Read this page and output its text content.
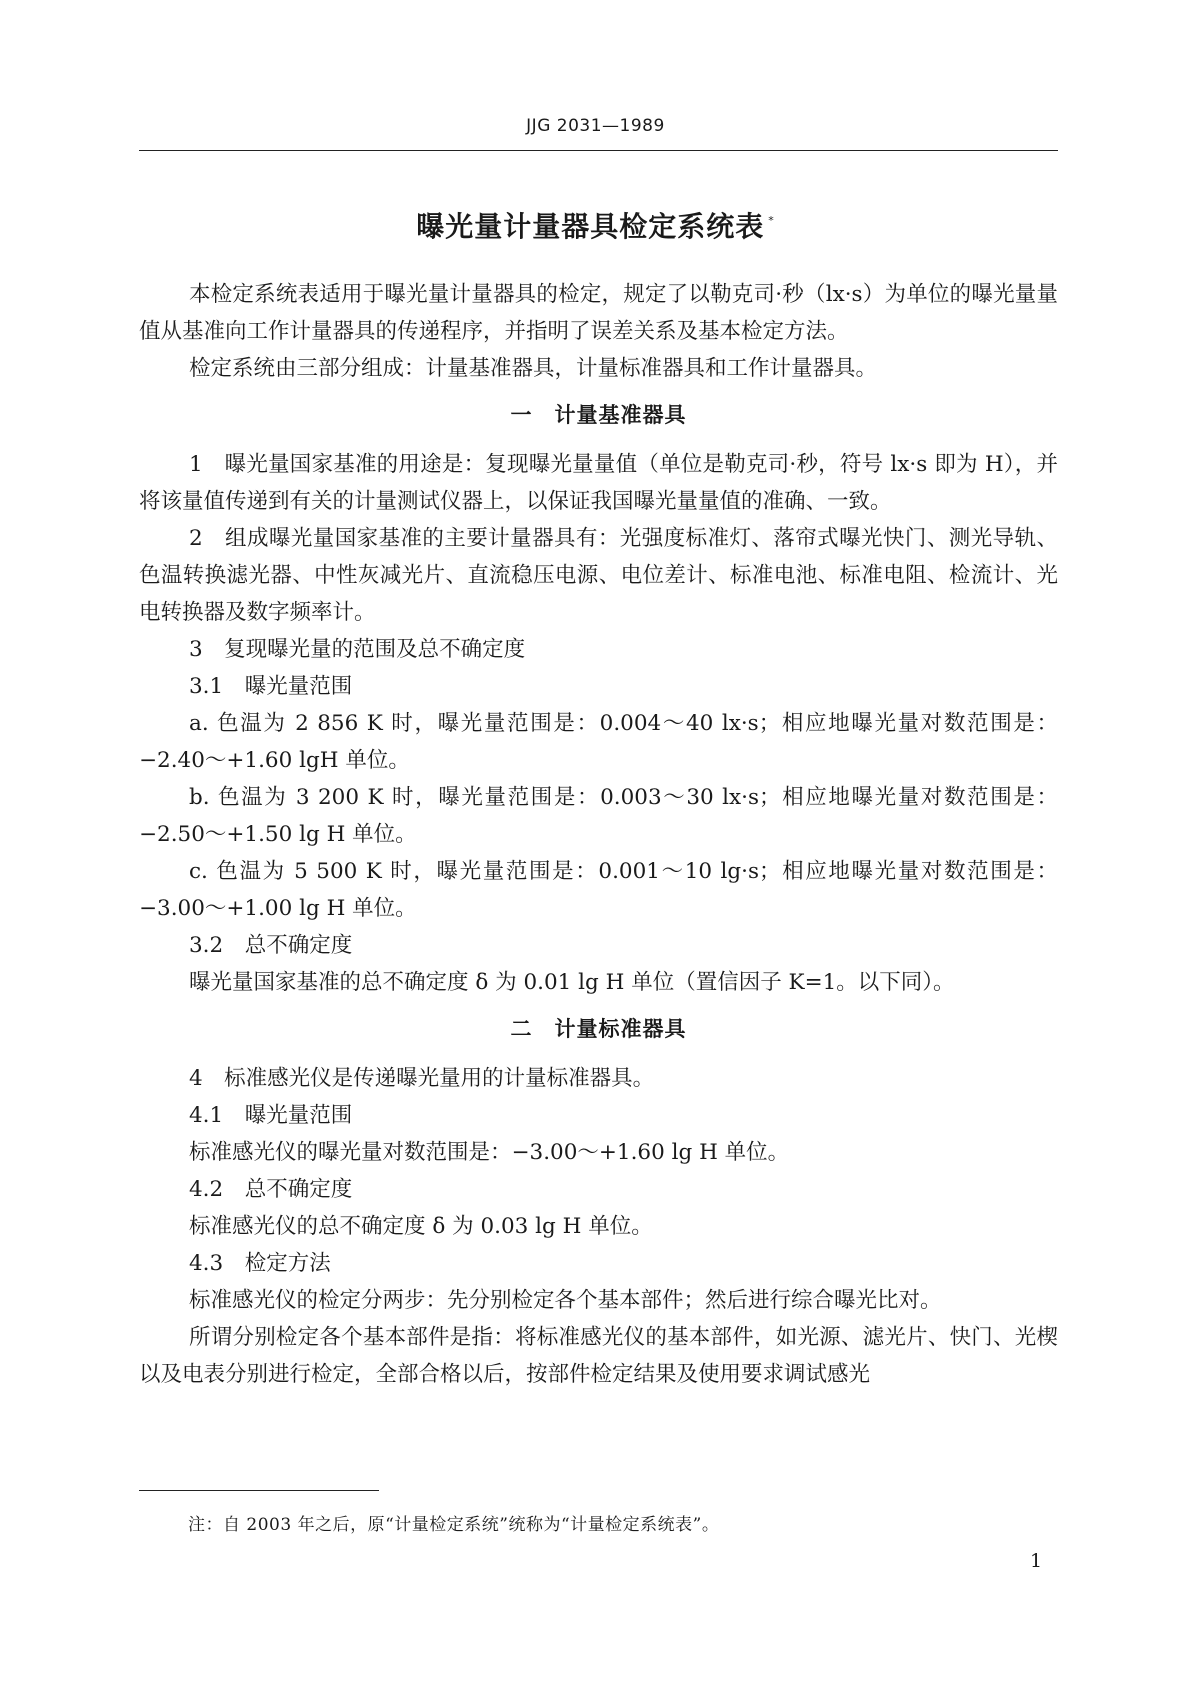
JJG 2031—1989
曝光量计量器具检定系统表 *

本检定系统表适用于曝光量计量器具的检定，规定了以勒克司·秒（lx·s）为单位的曝光量量值从基准向工作计量器具的传递程序，并指明了误差关系及基本检定方法。

检定系统由三部分组成：计量基准器具，计量标准器具和工作计量器具。

一　计量基准器具

1　曝光量国家基准的用途是：复现曝光量量值（单位是勒克司·秒，符号 lx·s 即为 H），并将该量值传递到有关的计量测试仪器上，以保证我国曝光量量值的准确、一致。

2　组成曝光量国家基准的主要计量器具有：光强度标准灯、落帘式曝光快门、测光导轨、色温转换滤光器、中性灰减光片、直流稳压电源、电位差计、标准电池、标准电阻、检流计、光电转换器及数字频率计。

3　复现曝光量的范围及总不确定度

3.1　曝光量范围

a. 色温为 2 856 K 时，曝光量范围是：0.004～40 lx·s；相应地曝光量对数范围是：−2.40～+1.60 lgH 单位。

b. 色温为 3 200 K 时，曝光量范围是：0.003～30 lx·s；相应地曝光量对数范围是：−2.50～+1.50 lg H 单位。

c. 色温为 5 500 K 时，曝光量范围是：0.001～10 lg·s；相应地曝光量对数范围是：−3.00～+1.00 lg H 单位。

3.2　总不确定度

曝光量国家基准的总不确定度 δ 为 0.01 lg H 单位（置信因子 K=1。以下同）。

二　计量标准器具

4　标准感光仪是传递曝光量用的计量标准器具。

4.1　曝光量范围

标准感光仪的曝光量对数范围是：−3.00～+1.60 lg H 单位。

4.2　总不确定度

标准感光仪的总不确定度 δ 为 0.03 lg H 单位。

4.3　检定方法

标准感光仪的检定分两步：先分别检定各个基本部件；然后进行综合曝光比对。

所谓分别检定各个基本部件是指：将标准感光仪的基本部件，如光源、滤光片、快门、光楔以及电表分别进行检定，全部合格以后，按部件检定结果及使用要求调试感光

注：自 2003 年之后，原“计量检定系统”统称为“计量检定系统表”。
1
